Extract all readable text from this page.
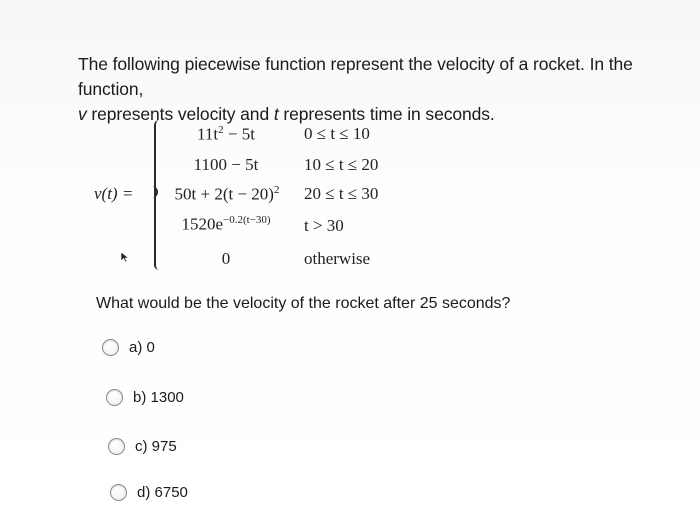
The following piecewise function represent the velocity of a rocket. In the function,
v represents velocity and t represents time in seconds.
v(t) =
$11t^2 - 5t$	0 ≤ t ≤ 10
1100 − 5t	10 ≤ t ≤ 20
$50t + 2(t - 20)^2$	20 ≤ t ≤ 30
$1520e^{-0.2(t-30)}$	t > 30
0	otherwise
What would be the velocity of the rocket after 25 seconds?
a) 0
b) 1300
c) 975
d) 6750
